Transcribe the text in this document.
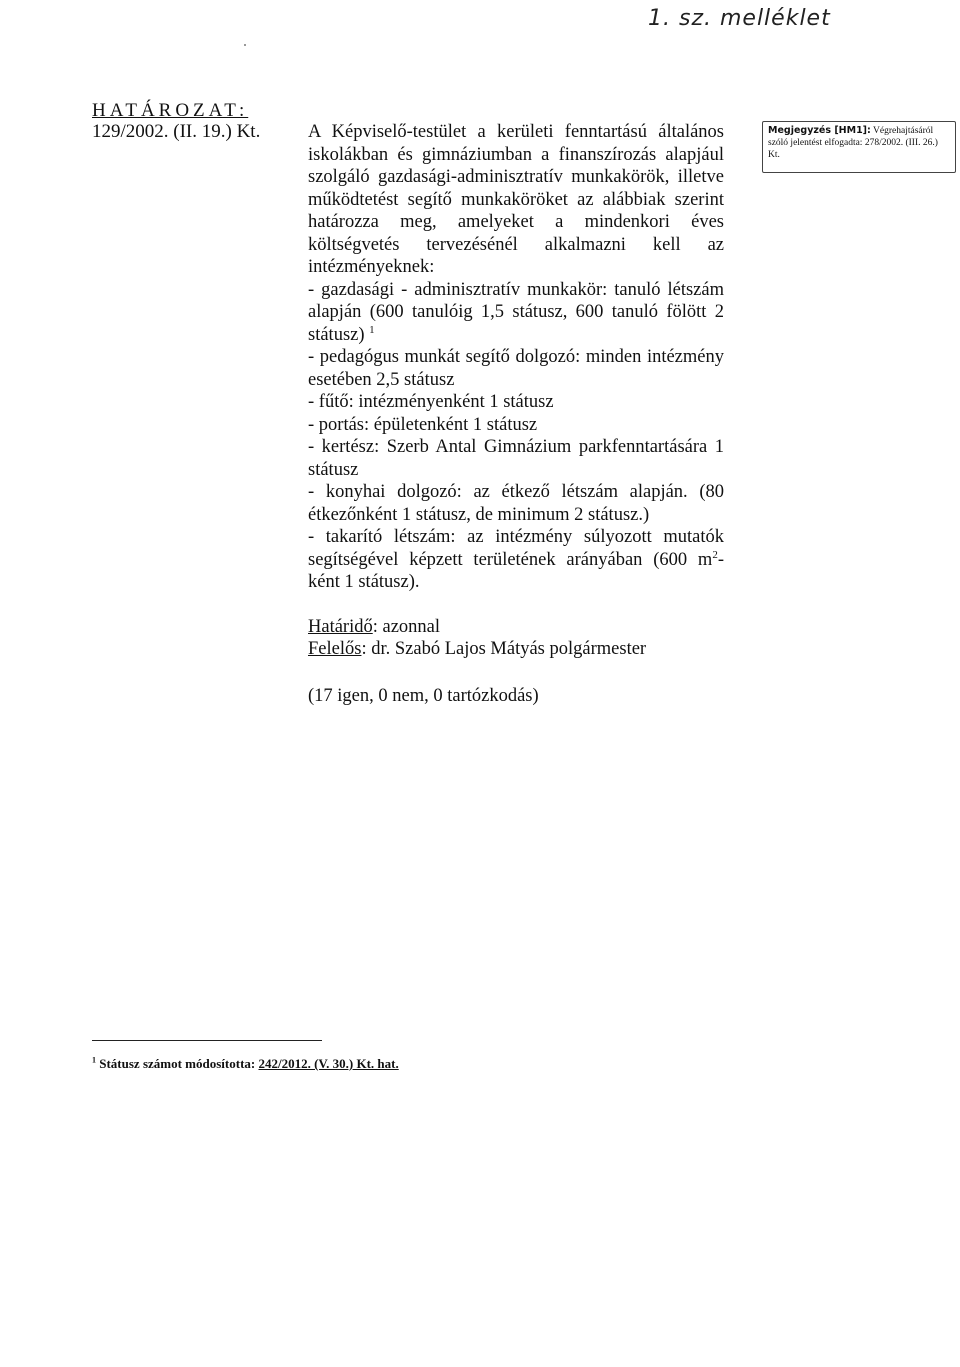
1. sz. melléklet
HATÁROZAT:
129/2002. (II. 19.) Kt.	A Képviselő-testület a kerületi fenntartású általános iskolákban és gimnáziumban a finanszírozás alapjául szolgáló gazdasági-adminisztratív munkakörök, illetve működtetést segítő munkaköröket az alábbiak szerint határozza meg, amelyeket a mindenkori éves költségvetés tervezésénél alkalmazni kell az intézményeknek:

- gazdasági - adminisztratív munkakör: tanuló létszám alapján (600 tanulóig 1,5 státusz, 600 tanuló fölött 2 státusz) $^1$

- pedagógus munkát segítő dolgozó: minden intézmény esetében 2,5 státusz

- fűtő: intézményenként 1 státusz

- portás: épületenként 1 státusz

- kertész: Szerb Antal Gimnázium parkfenntartására 1 státusz

- konyhai dolgozó: az étkező létszám alapján. (80 étkezőnként 1 státusz, de minimum 2 státusz.)

- takarító létszám: az intézmény súlyozott mutatók segítségével képzett területének arányában (600 $m^2$-ként 1 státusz).

Határidő: azonnal

Felelős: dr. Szabó Lajos Mátyás polgármester

(17 igen, 0 nem, 0 tartózkodás)

Megjegyzés [HM1]: Végrehajtásáról szóló jelentést elfogadta: 278/2002. (III. 26.) Kt.
$^1$ Státusz számot módosította: 242/2012. (V. 30.) Kt. hat.
